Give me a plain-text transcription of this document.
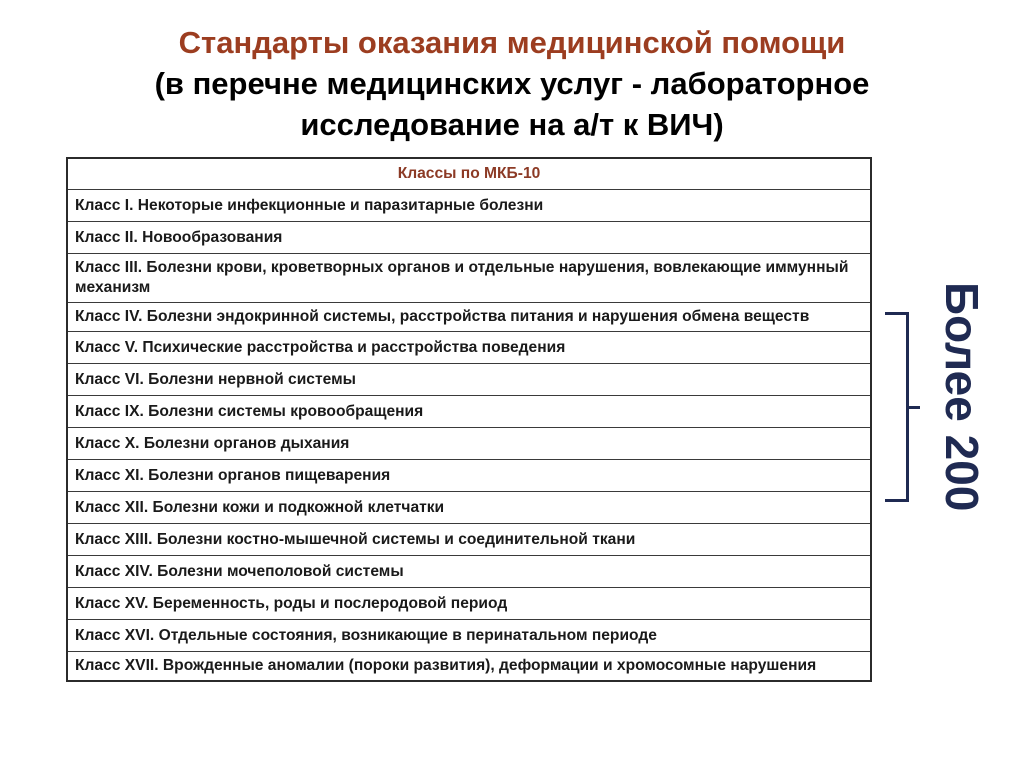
Стандарты оказания медицинской помощи
(в перечне медицинских услуг - лабораторное
исследование на а/т к ВИЧ)
Классы по МКБ-10
Класс I. Некоторые инфекционные и паразитарные болезни
Класс II. Новообразования
Класс III. Болезни крови, кроветворных органов и отдельные нарушения, вовлекающие иммунный механизм
Класс IV. Болезни эндокринной системы, расстройства питания и нарушения обмена веществ
Класс V. Психические расстройства и расстройства поведения
Класс VI. Болезни нервной системы
Класс IX. Болезни системы кровообращения
Класс X. Болезни органов дыхания
Класс XI. Болезни органов пищеварения
Класс XII. Болезни кожи и подкожной клетчатки
Класс XIII. Болезни костно-мышечной системы и соединительной ткани
Класс XIV. Болезни мочеполовой системы
Класс XV. Беременность, роды и послеродовой период
Класс XVI. Отдельные состояния, возникающие в перинатальном периоде
Класс XVII. Врожденные аномалии (пороки развития), деформации и хромосомные нарушения
Более 200
